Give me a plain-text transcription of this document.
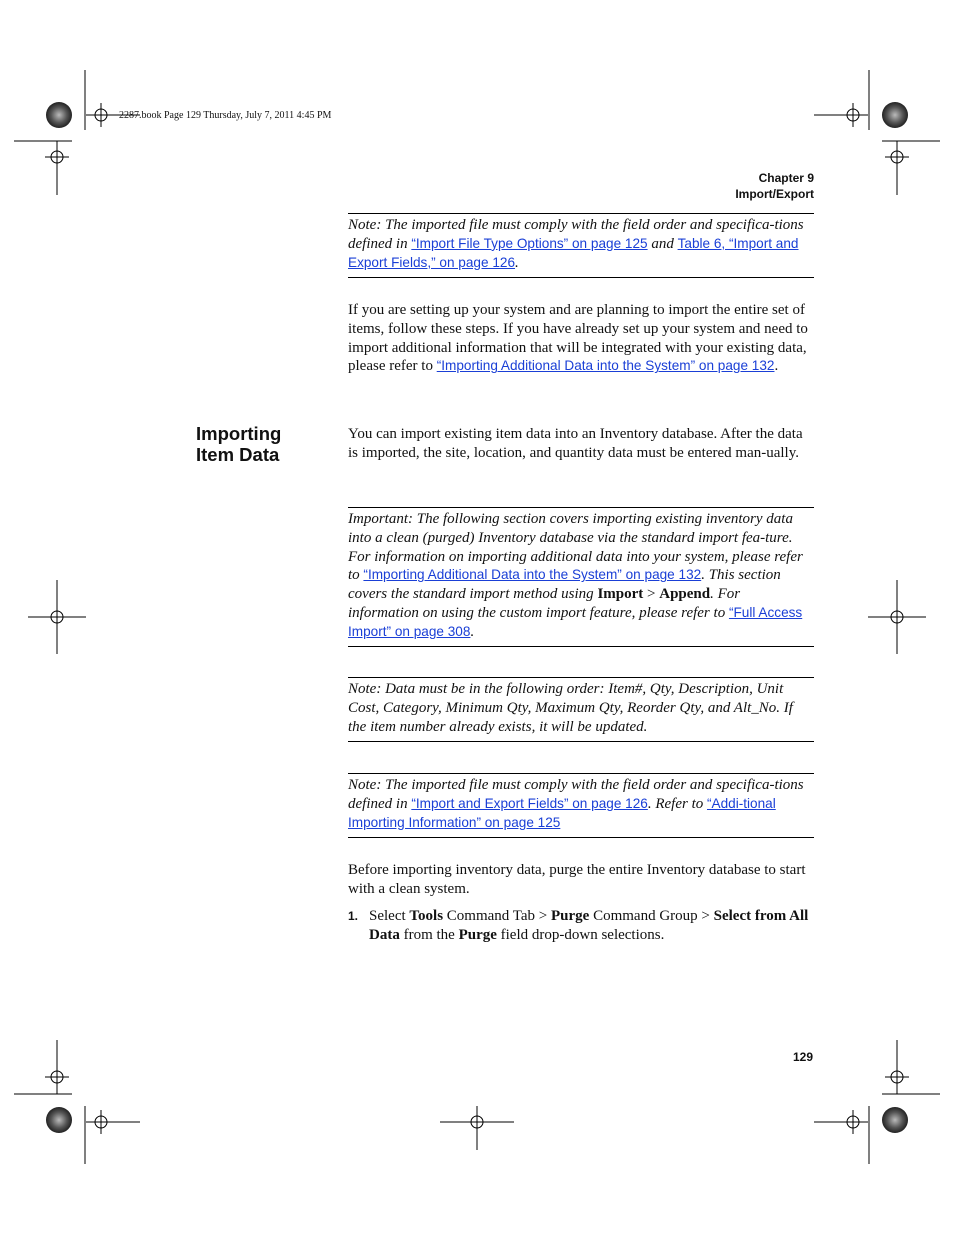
2287.book Page 129 Thursday, July 7, 2011 4:45 PM
Chapter 9
Import/Export
Note: The imported file must comply with the field order and specifica-tions defined in “Import File Type Options” on page 125 and Table 6, “Import and Export Fields,” on page 126.
If you are setting up your system and are planning to import the entire set of items, follow these steps. If you have already set up your system and need to import additional information that will be integrated with your existing data, please refer to “Importing Additional Data into the System” on page 132.
Importing
Item Data
You can import existing item data into an Inventory database. After the data is imported, the site, location, and quantity data must be entered man-ually.
Important: The following section covers importing existing inventory data into a clean (purged) Inventory database via the standard import fea-ture. For information on importing additional data into your system, please refer to “Importing Additional Data into the System” on page 132. This section covers the standard import method using Import > Append. For information on using the custom import feature, please refer to “Full Access Import” on page 308.
Note: Data must be in the following order: Item#, Qty, Description, Unit Cost, Category, Minimum Qty, Maximum Qty, Reorder Qty, and Alt_No. If the item number already exists, it will be updated.
Note: The imported file must comply with the field order and specifica-tions defined in “Import and Export Fields” on page 126. Refer to “Addi-tional Importing Information” on page 125
Before importing inventory data, purge the entire Inventory database to start with a clean system.
1. Select Tools Command Tab > Purge Command Group > Select from All Data from the Purge field drop-down selections.
129
